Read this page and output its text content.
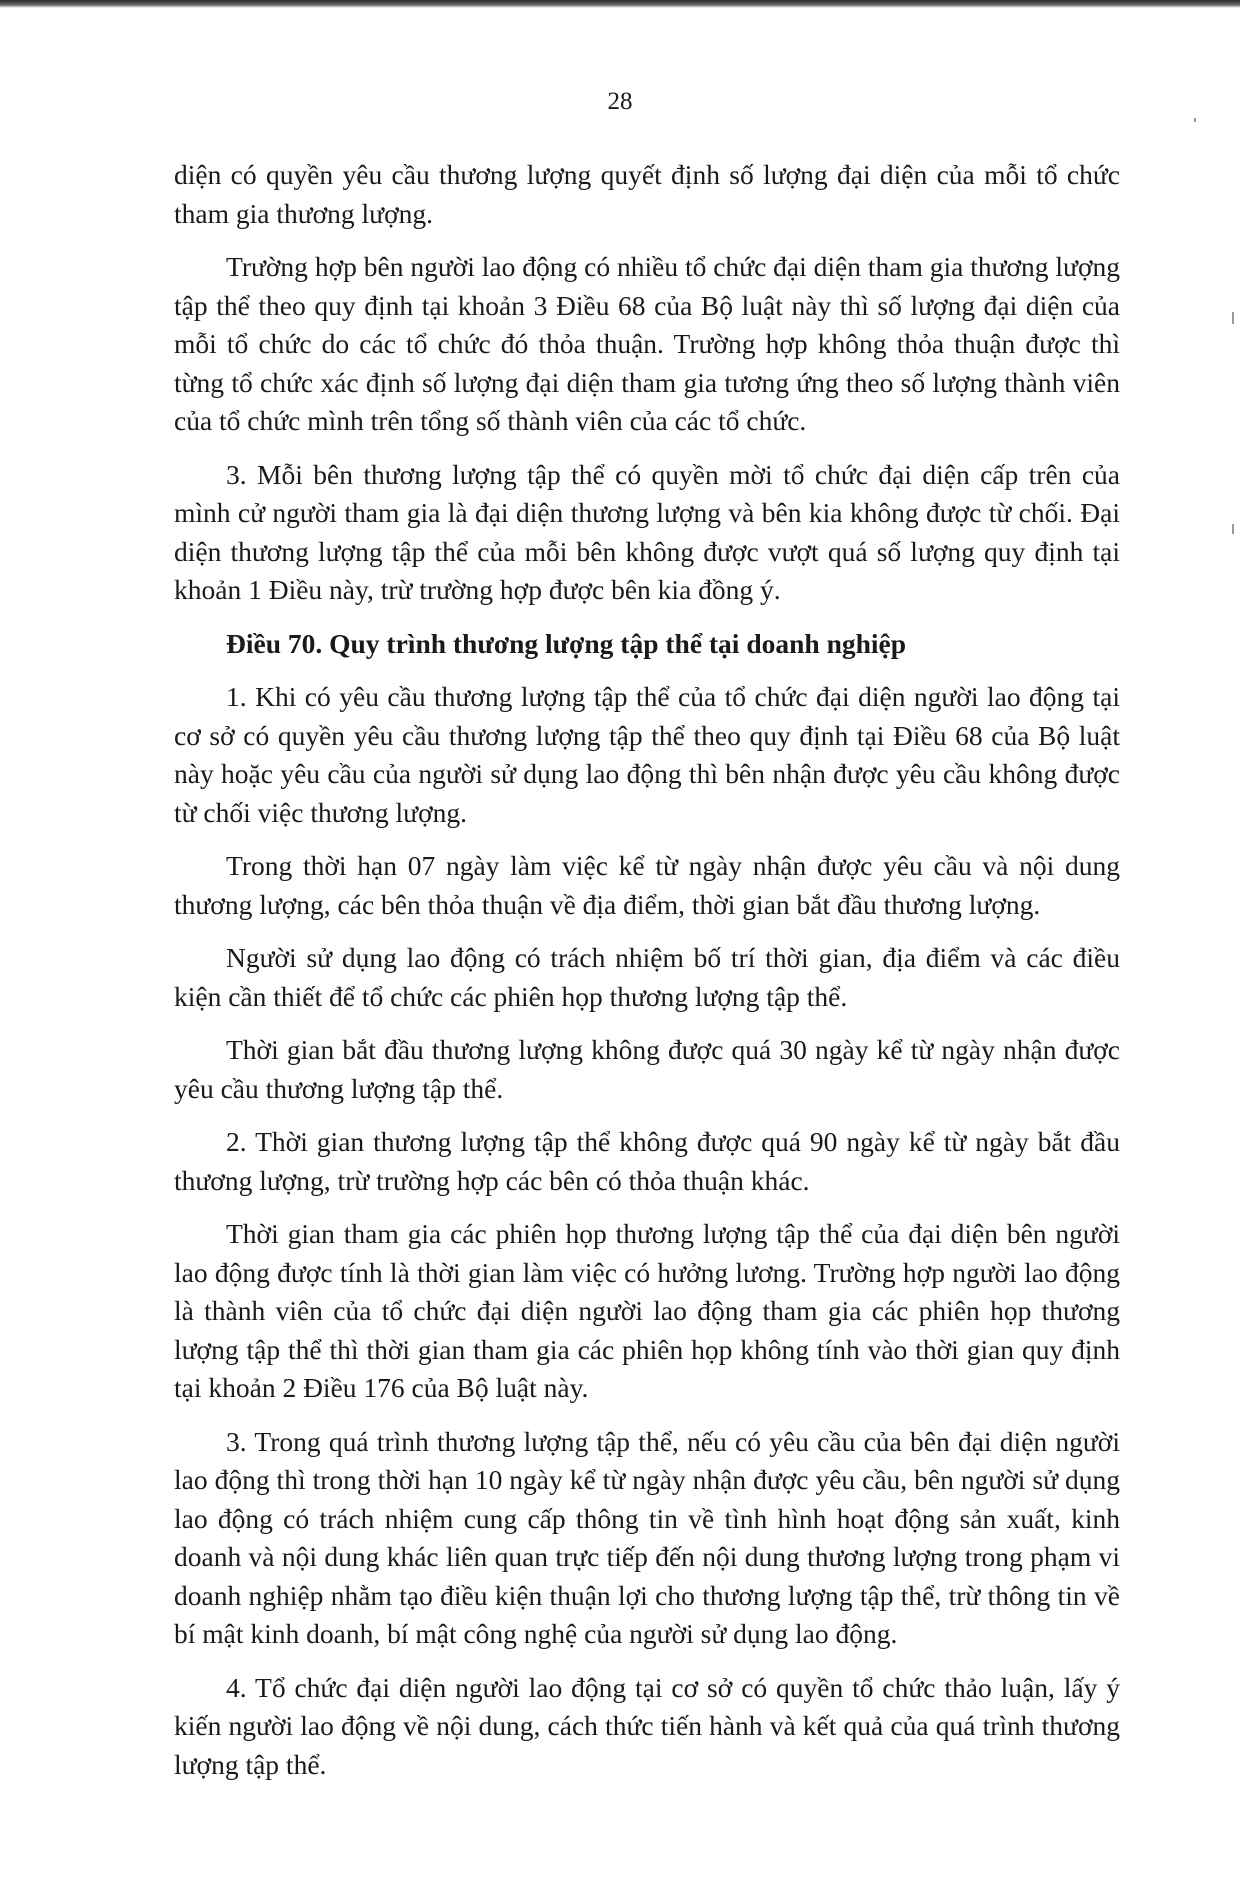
28

diện có quyền yêu cầu thương lượng quyết định số lượng đại diện của mỗi tổ chức tham gia thương lượng.

Trường hợp bên người lao động có nhiều tổ chức đại diện tham gia thương lượng tập thể theo quy định tại khoản 3 Điều 68 của Bộ luật này thì số lượng đại diện của mỗi tổ chức do các tổ chức đó thỏa thuận. Trường hợp không thỏa thuận được thì từng tổ chức xác định số lượng đại diện tham gia tương ứng theo số lượng thành viên của tổ chức mình trên tổng số thành viên của các tổ chức.

3. Mỗi bên thương lượng tập thể có quyền mời tổ chức đại diện cấp trên của mình cử người tham gia là đại diện thương lượng và bên kia không được từ chối. Đại diện thương lượng tập thể của mỗi bên không được vượt quá số lượng quy định tại khoản 1 Điều này, trừ trường hợp được bên kia đồng ý.

Điều 70. Quy trình thương lượng tập thể tại doanh nghiệp

1. Khi có yêu cầu thương lượng tập thể của tổ chức đại diện người lao động tại cơ sở có quyền yêu cầu thương lượng tập thể theo quy định tại Điều 68 của Bộ luật này hoặc yêu cầu của người sử dụng lao động thì bên nhận được yêu cầu không được từ chối việc thương lượng.

Trong thời hạn 07 ngày làm việc kể từ ngày nhận được yêu cầu và nội dung thương lượng, các bên thỏa thuận về địa điểm, thời gian bắt đầu thương lượng.

Người sử dụng lao động có trách nhiệm bố trí thời gian, địa điểm và các điều kiện cần thiết để tổ chức các phiên họp thương lượng tập thể.

Thời gian bắt đầu thương lượng không được quá 30 ngày kể từ ngày nhận được yêu cầu thương lượng tập thể.

2. Thời gian thương lượng tập thể không được quá 90 ngày kể từ ngày bắt đầu thương lượng, trừ trường hợp các bên có thỏa thuận khác.

Thời gian tham gia các phiên họp thương lượng tập thể của đại diện bên người lao động được tính là thời gian làm việc có hưởng lương. Trường hợp người lao động là thành viên của tổ chức đại diện người lao động tham gia các phiên họp thương lượng tập thể thì thời gian tham gia các phiên họp không tính vào thời gian quy định tại khoản 2 Điều 176 của Bộ luật này.

3. Trong quá trình thương lượng tập thể, nếu có yêu cầu của bên đại diện người lao động thì trong thời hạn 10 ngày kể từ ngày nhận được yêu cầu, bên người sử dụng lao động có trách nhiệm cung cấp thông tin về tình hình hoạt động sản xuất, kinh doanh và nội dung khác liên quan trực tiếp đến nội dung thương lượng trong phạm vi doanh nghiệp nhằm tạo điều kiện thuận lợi cho thương lượng tập thể, trừ thông tin về bí mật kinh doanh, bí mật công nghệ của người sử dụng lao động.

4. Tổ chức đại diện người lao động tại cơ sở có quyền tổ chức thảo luận, lấy ý kiến người lao động về nội dung, cách thức tiến hành và kết quả của quá trình thương lượng tập thể.
